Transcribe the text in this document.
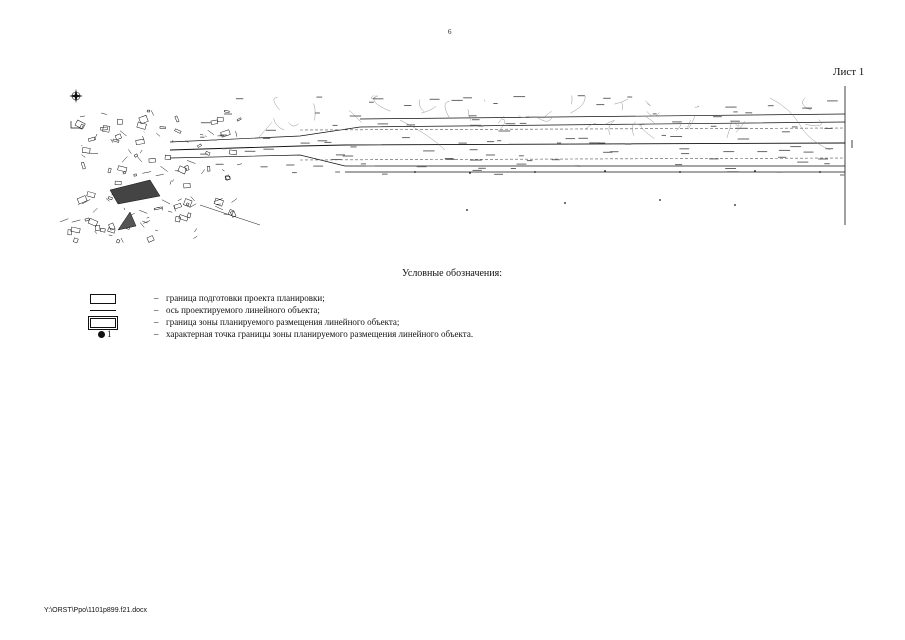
6
Лист 1
Условные обозначения:
– граница подготовки проекта планировки;
– ось проектируемого линейного объекта;
– граница зоны планируемого размещения линейного объекта;
1	– характерная точка границы зоны планируемого размещения линейного объекта.
Y:\ORST\Ppo\1101p899.f21.docx
